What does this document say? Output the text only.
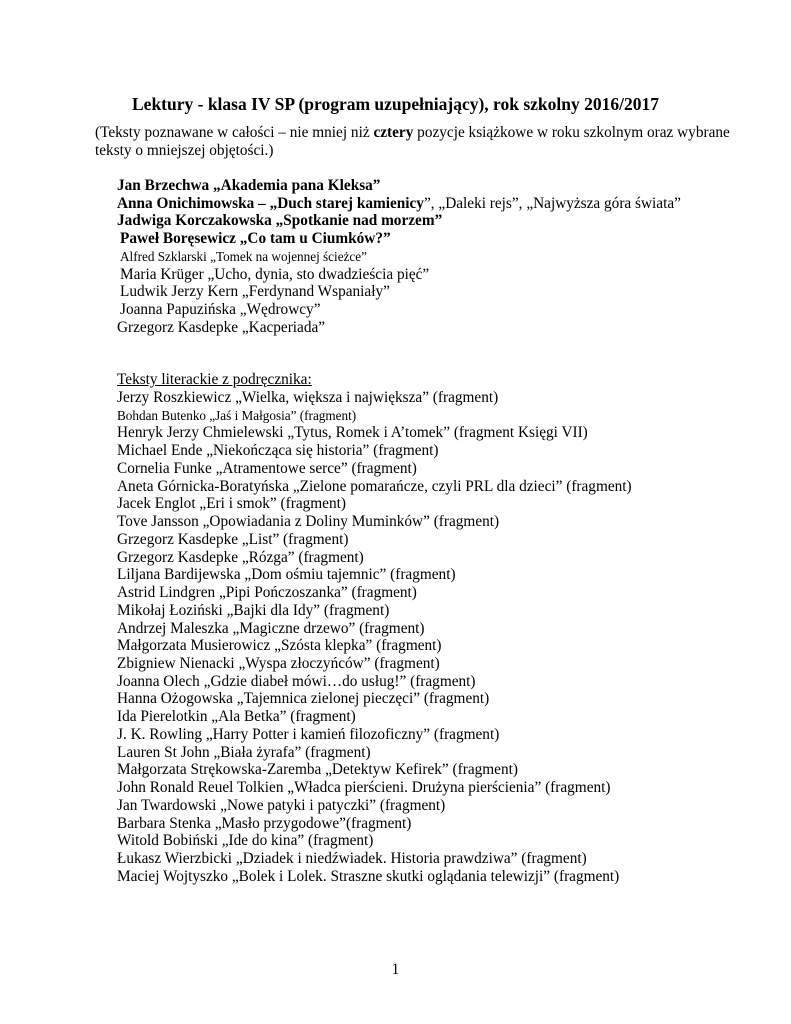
Lektury - klasa IV SP (program uzupełniający), rok szkolny 2016/2017

(Teksty poznawane w całości – nie mniej niż cztery pozycje książkowe w roku szkolnym oraz wybrane teksty o mniejszej objętości.)

Jan Brzechwa „Akademia pana Kleksa”
Anna Onichimowska – „Duch starej kamienicy”, „Daleki rejs”, „Najwyższa góra świata”
Jadwiga Korczakowska „Spotkanie nad morzem”
Paweł Boręsewicz „Co tam u Ciumków?”
Alfred Szklarski „Tomek na wojennej ścieżce”
Maria Krüger „Ucho, dynia, sto dwadzieścia pięć”
Ludwik Jerzy Kern „Ferdynand Wspaniały”
Joanna Papuzińska „Wędrowcy”
Grzegorz Kasdepke „Kacperiada”

Teksty literackie z podręcznika:

Jerzy Roszkiewicz „Wielka, większa i największa” (fragment)
Bohdan Butenko „Jaś i Małgosia” (fragment)
Henryk Jerzy Chmielewski „Tytus, Romek i A’tomek” (fragment Księgi VII)
Michael Ende „Niekończąca się historia” (fragment)
Cornelia Funke „Atramentowe serce” (fragment)
Aneta Górnicka-Boratyńska „Zielone pomarańcze, czyli PRL dla dzieci” (fragment)
Jacek Englot „Eri i smok” (fragment)
Tove Jansson „Opowiadania z Doliny Muminków” (fragment)
Grzegorz Kasdepke „List” (fragment)
Grzegorz Kasdepke „Rózga” (fragment)
Liljana Bardijewska „Dom ośmiu tajemnic” (fragment)
Astrid Lindgren „Pipi Pończoszanka” (fragment)
Mikołaj Łoziński „Bajki dla Idy” (fragment)
Andrzej Maleszka „Magiczne drzewo” (fragment)
Małgorzata Musierowicz „Szósta klepka” (fragment)
Zbigniew Nienacki „Wyspa złoczyńców” (fragment)
Joanna Olech „Gdzie diabeł mówi…do usług!” (fragment)
Hanna Ożogowska „Tajemnica zielonej pieczęci” (fragment)
Ida Pierelotkin „Ala Betka” (fragment)
J. K. Rowling „Harry Potter i kamień filozoficzny” (fragment)
Lauren St John „Biała żyrafa” (fragment)
Małgorzata Strękowska-Zaremba „Detektyw Kefirek” (fragment)
John Ronald Reuel Tolkien „Władca pierścieni. Drużyna pierścienia” (fragment)
Jan Twardowski „Nowe patyki i patyczki” (fragment)
Barbara Stenka „Masło przygodowe”(fragment)
Witold Bobiński „Ide do kina” (fragment)
Łukasz Wierzbicki „Dziadek i niedźwiadek. Historia prawdziwa” (fragment)
Maciej Wojtyszko „Bolek i Lolek. Straszne skutki oglądania telewizji” (fragment)
1
